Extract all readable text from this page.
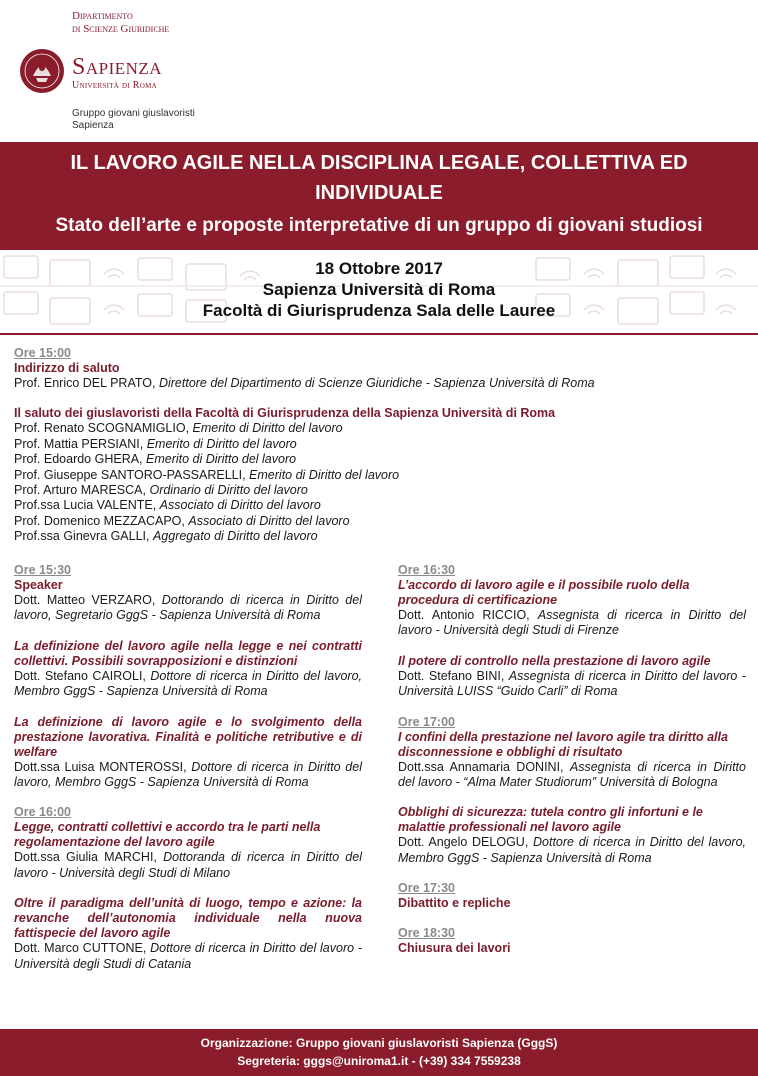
Dipartimento
di Scienze Giuridiche
Sapienza
Università di Roma
Gruppo giovani giuslavoristi
Sapienza
IL LAVORO AGILE NELLA DISCIPLINA LEGALE, COLLETTIVA ED
INDIVIDUALE
Stato dell’arte e proposte interpretative di un gruppo di giovani studiosi
18 Ottobre 2017
Sapienza Università di Roma
Facoltà di Giurisprudenza Sala delle Lauree
Ore 15:00
Indirizzo di saluto
Prof. Enrico DEL PRATO, Direttore del Dipartimento di Scienze Giuridiche - Sapienza Università di Roma
Il saluto dei giuslavoristi della Facoltà di Giurisprudenza della Sapienza Università di Roma
Prof. Renato SCOGNAMIGLIO, Emerito di Diritto del lavoro
Prof. Mattia PERSIANI, Emerito di Diritto del lavoro
Prof. Edoardo GHERA, Emerito di Diritto del lavoro
Prof. Giuseppe SANTORO-PASSARELLI, Emerito di Diritto del lavoro
Prof. Arturo MARESCA, Ordinario di Diritto del lavoro
Prof.ssa Lucia VALENTE, Associato di Diritto del lavoro
Prof. Domenico MEZZACAPO, Associato di Diritto del lavoro
Prof.ssa Ginevra GALLI, Aggregato di Diritto del lavoro
Ore 15:30
Speaker
Dott. Matteo VERZARO, Dottorando di ricerca in Diritto del lavoro, Segretario GggS - Sapienza Università di Roma
La definizione del lavoro agile nella legge e nei contratti collettivi. Possibili sovrapposizioni e distinzioni
Dott. Stefano CAIROLI, Dottore di ricerca in Diritto del lavoro, Membro GggS - Sapienza Università di Roma
La definizione di lavoro agile e lo svolgimento della prestazione lavorativa. Finalità e politiche retributive e di welfare
Dott.ssa Luisa MONTEROSSI, Dottore di ricerca in Diritto del lavoro, Membro GggS - Sapienza Università di Roma
Ore 16:00
Legge, contratti collettivi e accordo tra le parti nella regolamentazione del lavoro agile
Dott.ssa Giulia MARCHI, Dottoranda di ricerca in Diritto del lavoro - Università degli Studi di Milano
Oltre il paradigma dell’unità di luogo, tempo e azione: la revanche dell’autonomia individuale nella nuova fattispecie del lavoro agile
Dott. Marco CUTTONE, Dottore di ricerca in Diritto del lavoro - Università degli Studi di Catania
Ore 16:30
L’accordo di lavoro agile e il possibile ruolo della procedura di certificazione
Dott. Antonio RICCIO, Assegnista di ricerca in Diritto del lavoro - Università degli Studi di Firenze
Il potere di controllo nella prestazione di lavoro agile
Dott. Stefano BINI, Assegnista di ricerca in Diritto del lavoro - Università LUISS “Guido Carli” di Roma
Ore 17:00
I confini della prestazione nel lavoro agile tra diritto alla disconnessione e obblighi di risultato
Dott.ssa Annamaria DONINI, Assegnista di ricerca in Diritto del lavoro - “Alma Mater Studiorum” Università di Bologna
Obblighi di sicurezza: tutela contro gli infortuni e le malattie professionali nel lavoro agile
Dott. Angelo DELOGU, Dottore di ricerca in Diritto del lavoro, Membro GggS - Sapienza Università di Roma
Ore 17:30
Dibattito e repliche
Ore 18:30
Chiusura dei lavori
Organizzazione: Gruppo giovani giuslavoristi Sapienza (GggS)
Segreteria: gggs@uniroma1.it - (+39) 334 7559238
